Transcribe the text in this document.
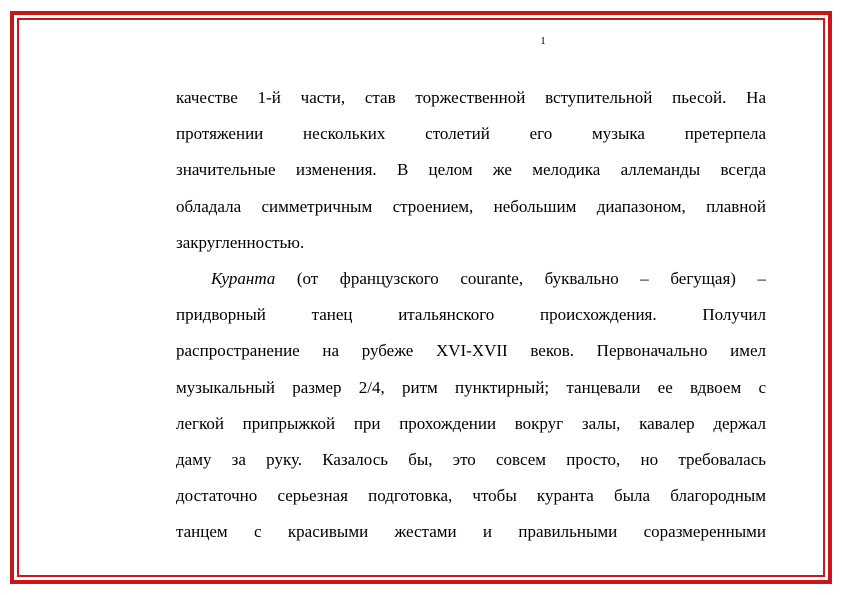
1
качестве 1-й части, став торжественной вступительной пьесой. На
протяжении нескольких столетий его музыка претерпела
значительные изменения. В целом же мелодика аллеманды всегда
обладала симметричным строением, небольшим диапазоном, плавной
закругленностью.
Куранта (от французского courante, буквально – бегущая) –
придворный танец итальянского происхождения. Получил
распространение на рубеже XVI-XVII веков. Первоначально имел
музыкальный размер 2/4, ритм пунктирный; танцевали ее вдвоем с
легкой припрыжкой при прохождении вокруг залы, кавалер держал
даму за руку. Казалось бы, это совсем просто, но требовалась
достаточно серьезная подготовка, чтобы куранта была благородным
танцем с красивыми жестами и правильными соразмеренными
